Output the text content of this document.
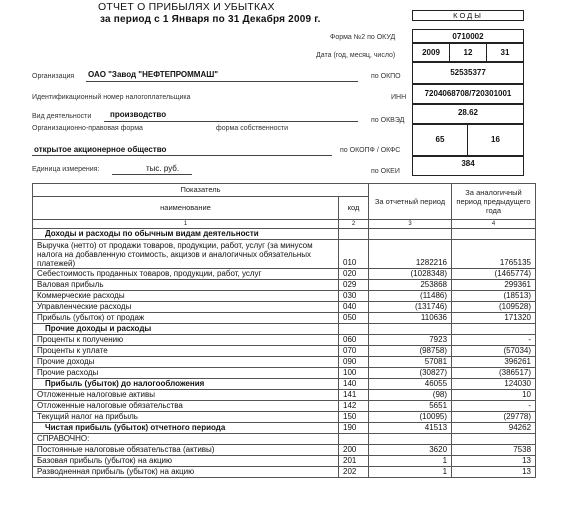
ОТЧЕТ О ПРИБЫЛЯХ И УБЫТКАХ
за период с 1 Января по 31 Декабря 2009 г.	КОДЫ
Форма №2 по ОКУД	0710002
Дата (год, месяц, число)	2009	12	31
по ОКПО	52535377
ИНН	7204068708/720301001
по ОКВЭД
28.62
по ОКОПФ / ОКФС
65	16
по ОКЕИ
384
Организация ОАО "Завод "НЕФТЕПРОММАШ"
Идентификационный номер налогоплательщика
Вид деятельности производство
Организационно-правовая форма	форма собственности
открытое акционерное общество
Единица измерения:	тыс. руб.
Показатель		За отчетный период	За аналогичный период предыдущего года
наименование	код		
1	2	3	4
Доходы и расходы по обычным видам деятельности			
Выручка (нетто) от продажи товаров, продукции, работ, услуг (за минусом налога на добавленную стоимость, акцизов и аналогичных обязательных платежей)	010	1282216	1765135
Себестоимость проданных товаров, продукции, работ, услуг	020	(1028348)	(1465774)
Валовая прибыль	029	253868	299361
Коммерческие расходы	030	(11486)	(18513)
Управленческие расходы	040	(131746)	(109528)
Прибыль (убыток) от продаж	050	110636	171320
Прочие доходы и расходы			
Проценты к получению	060	7923	-
Проценты к уплате	070	(98758)	(57034)
Прочие доходы	090	57081	396261
Прочие расходы	100	(30827)	(386517)
Прибыль (убыток) до налогообложения	140	46055	124030
Отложенные налоговые активы	141	(98)	10
Отложенные налоговые обязательства	142	5651	-
Текущий налог на прибыль	150	(10095)	(29778)
Чистая прибыль (убыток) отчетного периода	190	41513	94262
СПРАВОЧНО:			
Постоянные налоговые обязательства (активы)	200	3620	7538
Базовая прибыль (убыток) на акцию	201	1	13
Разводненная прибыль (убыток) на акцию	202	1	13
